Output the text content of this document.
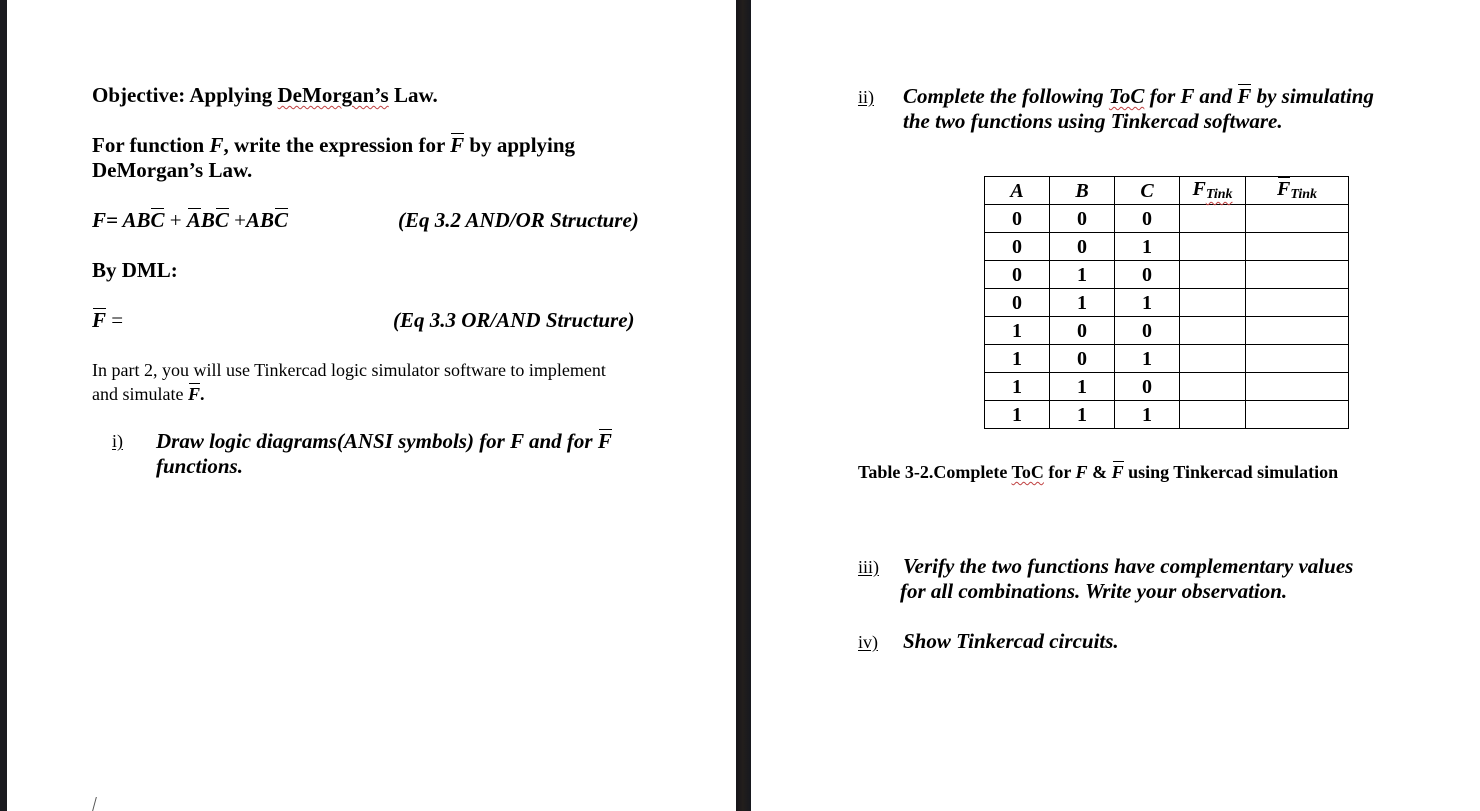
Objective: Applying DeMorgan’s Law.
For function F, write the expression for F by applying
DeMorgan’s Law.
F= ABC + ABC +ABC	(Eq 3.2 AND/OR Structure)
By DML:
F =	(Eq 3.3 OR/AND Structure)
In part 2, you will use Tinkercad logic simulator software to implement
and simulate F.
i) Draw logic diagrams(ANSI symbols) for F and for F
functions.
ii) Complete the following ToC for F and F by simulating
the two functions using Tinkercad software.
A	B	C	$F_{Tink}$	$F_{Tink}$
0	0	0		
0	0	1		
0	1	0		
0	1	1		
1	0	0		
1	0	1		
1	1	0		
1	1	1		
Table 3-2.Complete ToC for F & F using Tinkercad simulation
iii) Verify the two functions have complementary values
for all combinations. Write your observation.
iv) Show Tinkercad circuits.
